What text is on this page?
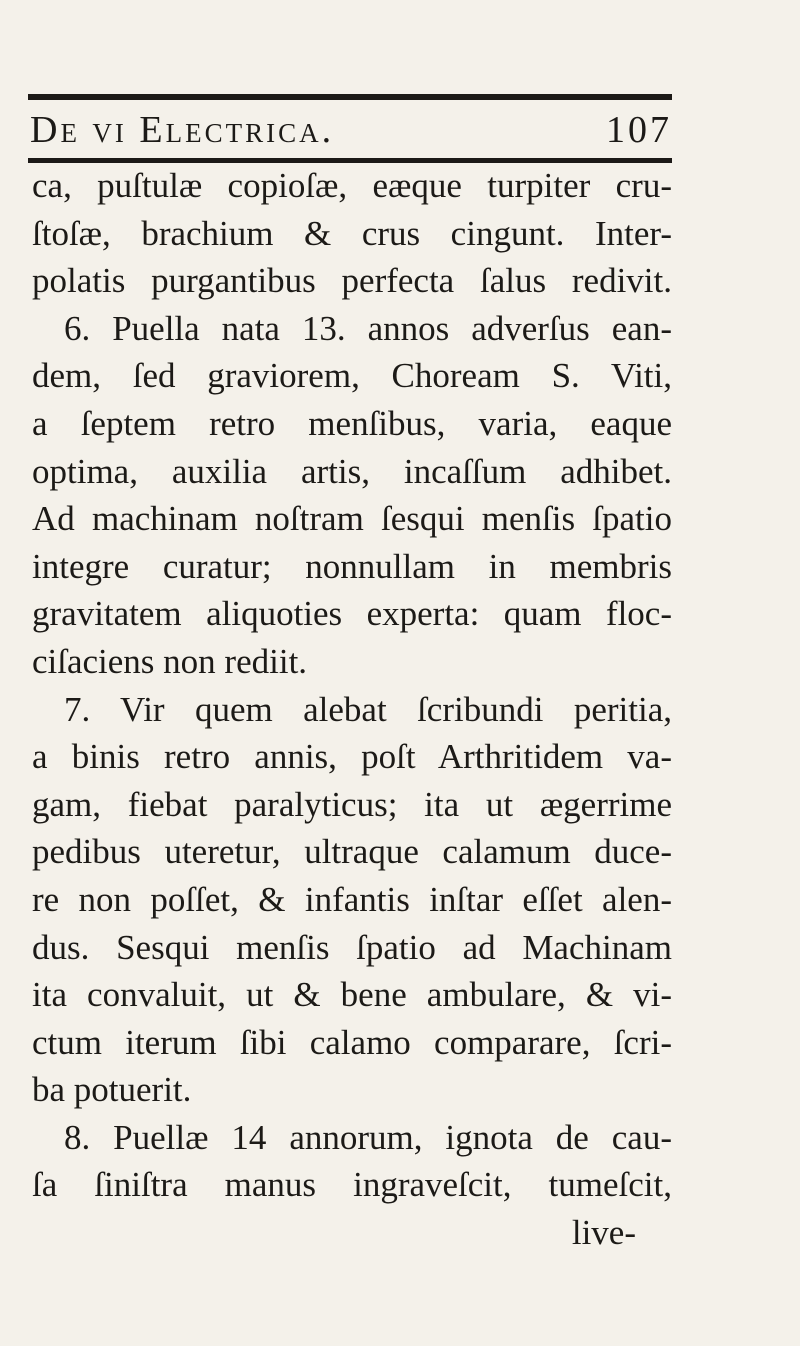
De vi Electrica.	107
ca, puſtulæ copioſæ, eæque turpiter cru-
ſtoſæ, brachium & crus cingunt. Inter-
polatis purgantibus perfecta ſalus redivit.
6. Puella nata 13. annos adverſus ean-
dem, ſed graviorem, Choream S. Viti,
a ſeptem retro menſibus, varia, eaque
optima, auxilia artis, incaſſum adhibet.
Ad machinam noſtram ſesqui menſis ſpatio
integre curatur; nonnullam in membris
gravitatem aliquoties experta: quam floc-
ciſaciens non rediit.
7. Vir quem alebat ſcribundi peritia,
a binis retro annis, poſt Arthritidem va-
gam, fiebat paralyticus; ita ut ægerrime
pedibus uteretur, ultraque calamum duce-
re non poſſet, & infantis inſtar eſſet alen-
dus. Sesqui menſis ſpatio ad Machinam
ita convaluit, ut & bene ambulare, & vi-
ctum iterum ſibi calamo comparare, ſcri-
ba potuerit.
8. Puellæ 14 annorum, ignota de cau-
ſa ſiniſtra manus ingraveſcit, tumeſcit,
live-
